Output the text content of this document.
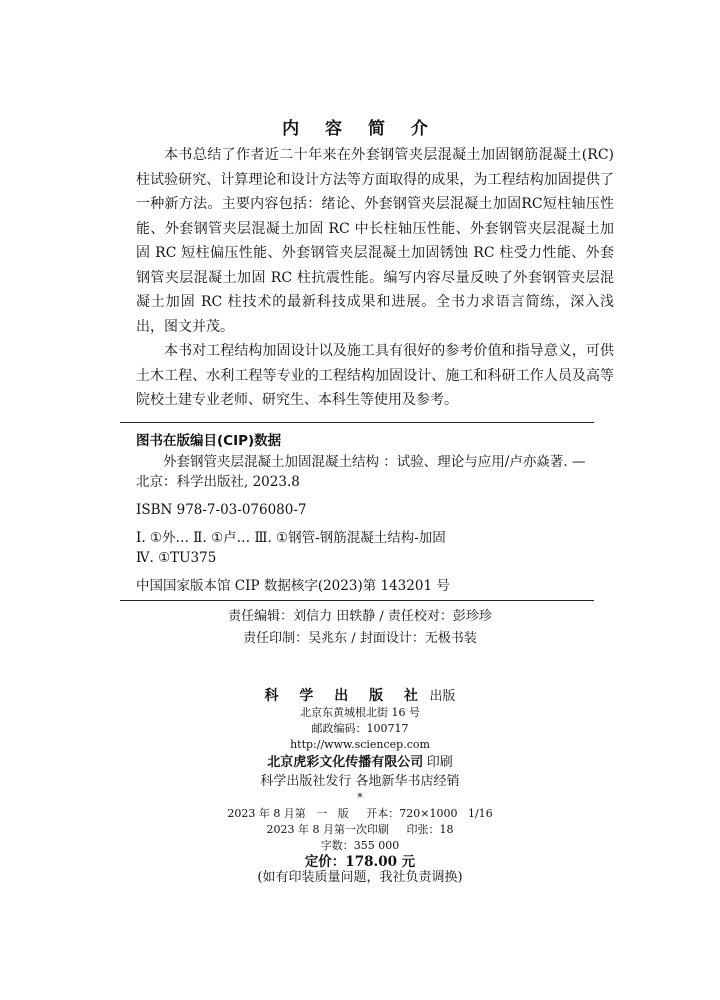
内 容 简 介

本书总结了作者近二十年来在外套钢管夹层混凝土加固钢筋混凝土(RC)柱试验研究、计算理论和设计方法等方面取得的成果，为工程结构加固提供了一种新方法。主要内容包括：绪论、外套钢管夹层混凝土加固RC短柱轴压性能、外套钢管夹层混凝土加固 RC 中长柱轴压性能、外套钢管夹层混凝土加固 RC 短柱偏压性能、外套钢管夹层混凝土加固锈蚀 RC 柱受力性能、外套钢管夹层混凝土加固 RC 柱抗震性能。编写内容尽量反映了外套钢管夹层混凝土加固 RC 柱技术的最新科技成果和进展。全书力求语言简练，深入浅出，图文并茂。

本书对工程结构加固设计以及施工具有很好的参考价值和指导意义，可供土木工程、水利工程等专业的工程结构加固设计、施工和科研工作人员及高等院校土建专业老师、研究生、本科生等使用及参考。

图书在版编目(CIP)数据
外套钢管夹层混凝土加固混凝土结构 ：试验、理论与应用/卢亦焱著. —北京：科学出版社, 2023.8
ISBN 978-7-03-076080-7
Ⅰ. ①外… Ⅱ. ①卢… Ⅲ. ①钢管-钢筋混凝土结构-加固
Ⅳ. ①TU375
中国国家版本馆 CIP 数据核字(2023)第 143201 号
责任编辑：刘信力 田轶静 / 责任校对：彭珍珍
责任印制：吴兆东 / 封面设计：无极书装
科 学 出 版 社 出版
北京东黄城根北街 16 号
邮政编码：100717
http://www.sciencep.com
北京虎彩文化传播有限公司 印刷
科学出版社发行 各地新华书店经销
*
2023 年 8 月第   一   版     开本：720×1000   1/16
2023 年 8 月第一次印刷     印张：18
字数：355 000
定价：178.00 元
(如有印装质量问题，我社负责调换)
